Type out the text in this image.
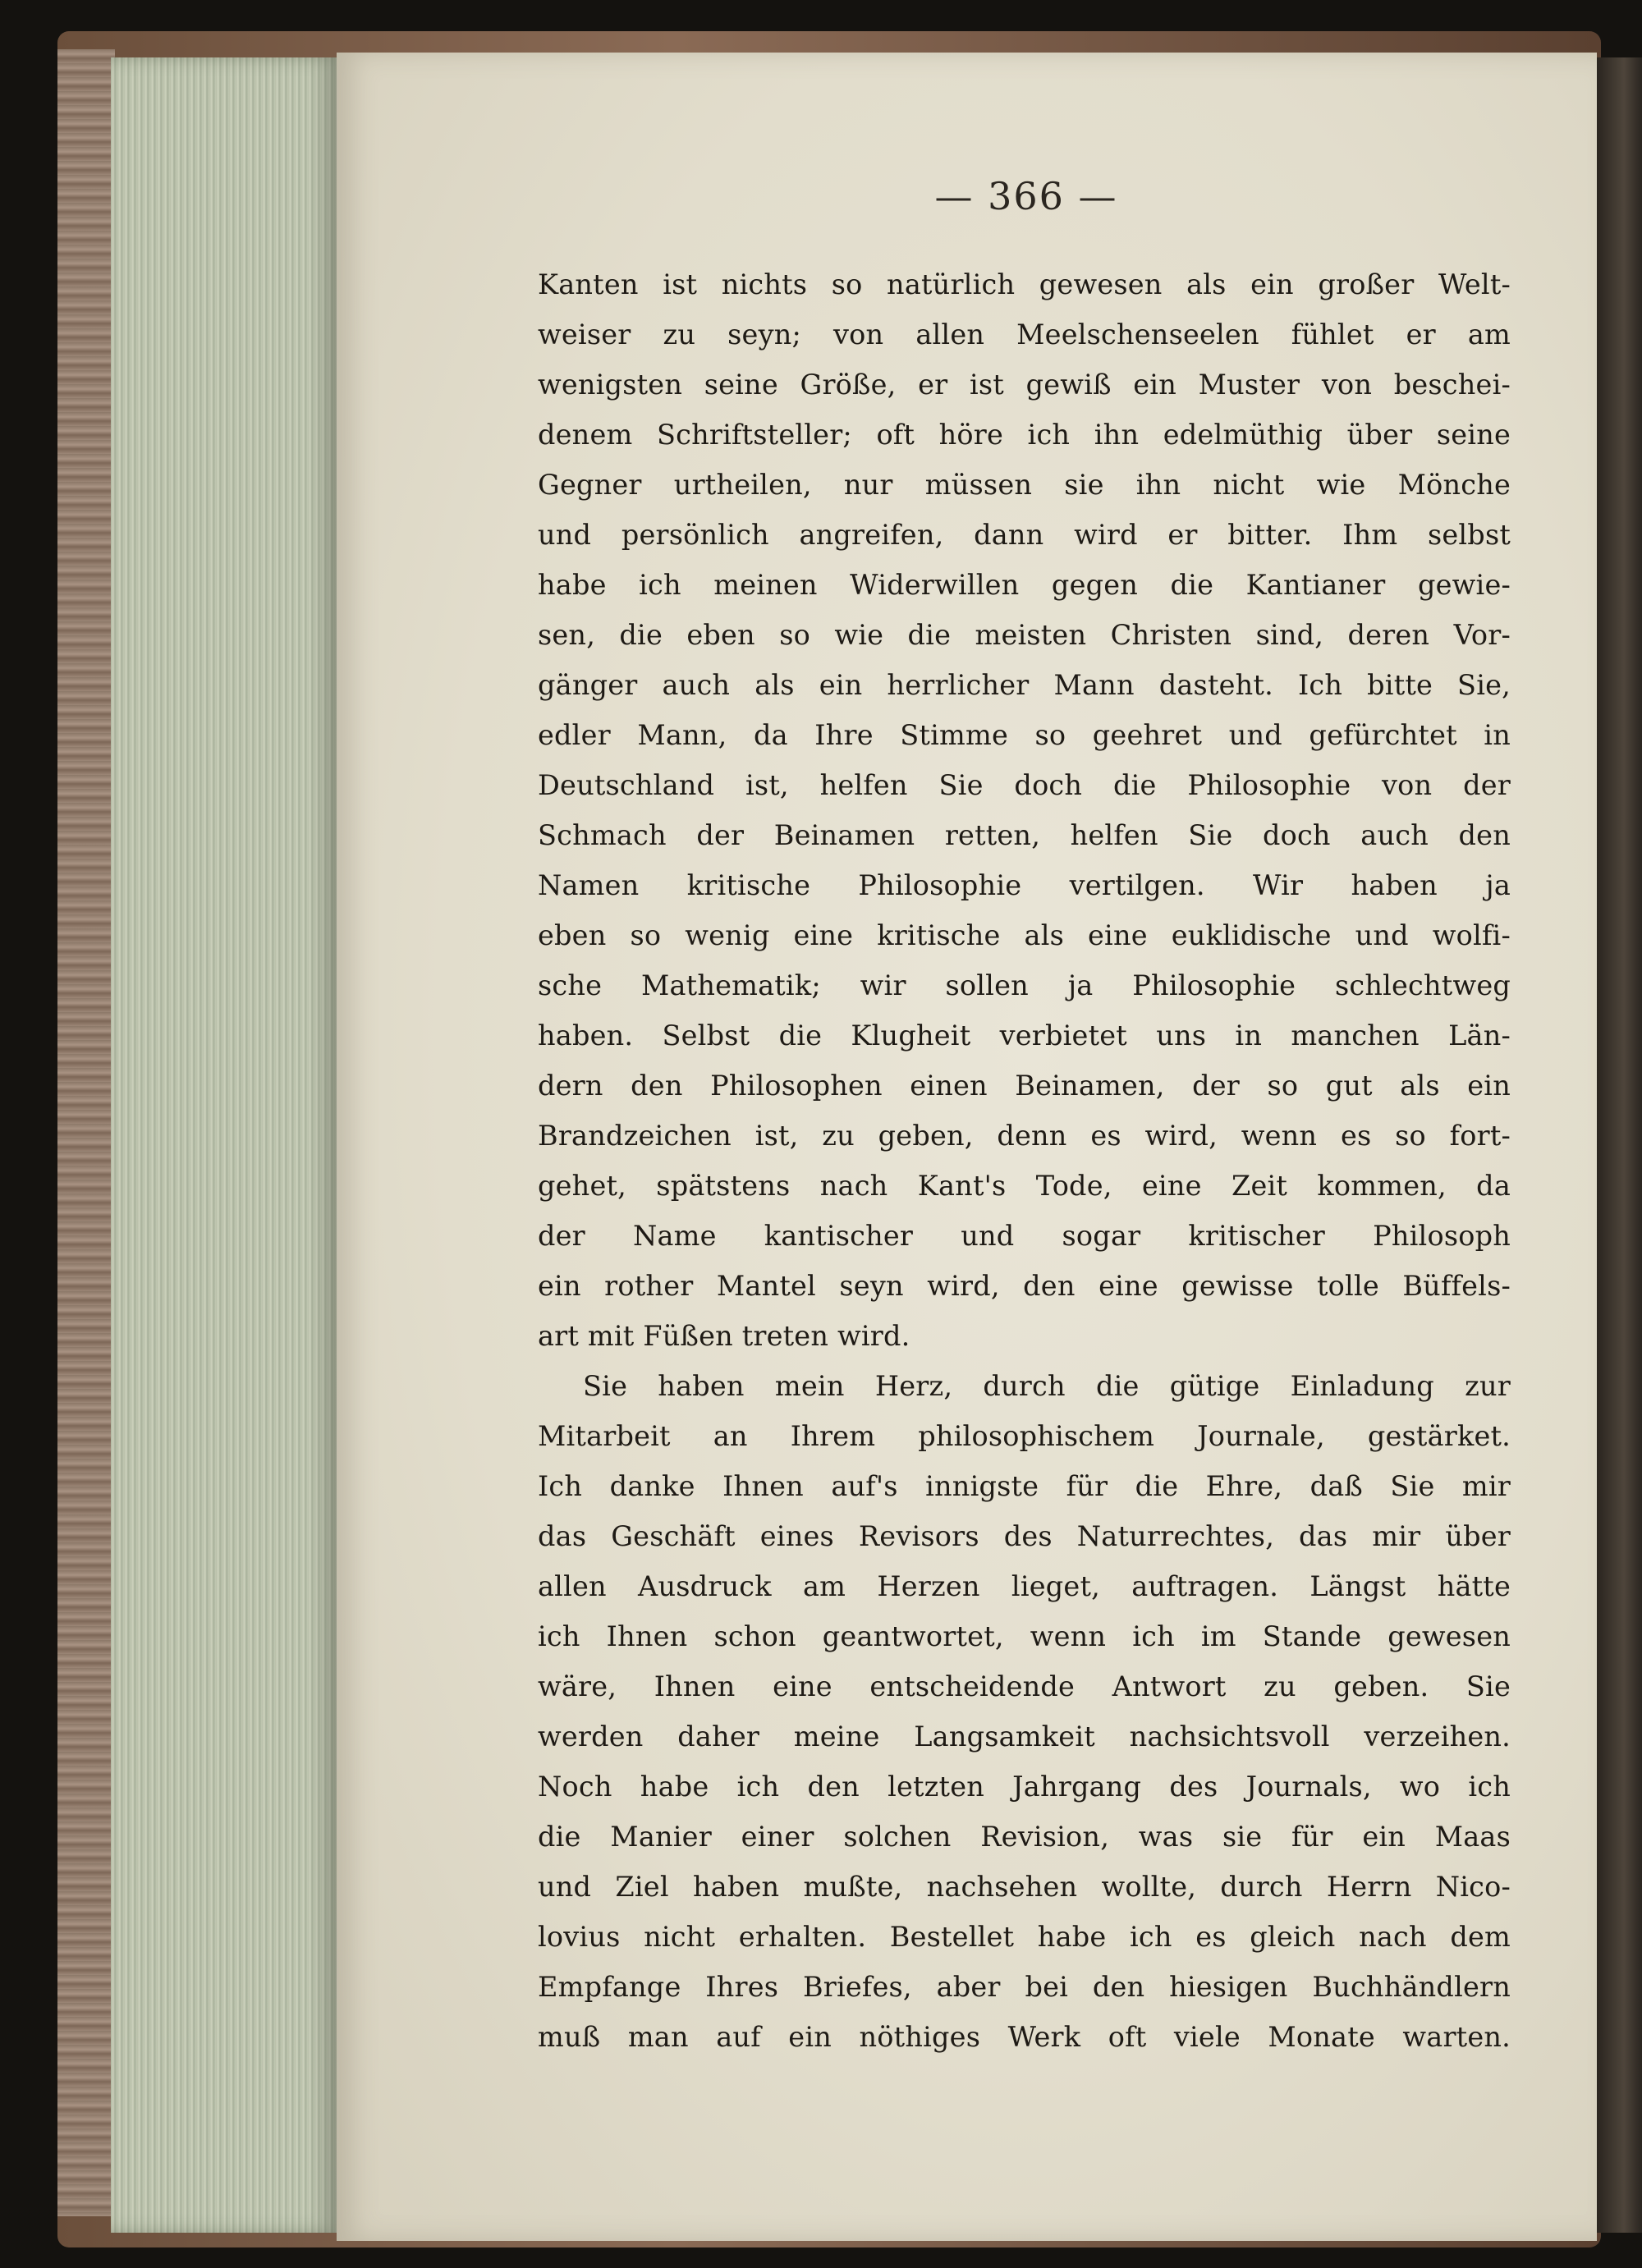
— 366 —
Kanten ist nichts so natürlich gewesen als ein großer Welt-
weiser zu seyn; von allen Meelschenseelen fühlet er am
wenigsten seine Größe, er ist gewiß ein Muster von beschei-
denem Schriftsteller; oft höre ich ihn edelmüthig über seine
Gegner urtheilen, nur müssen sie ihn nicht wie Mönche
und persönlich angreifen, dann wird er bitter. Ihm selbst
habe ich meinen Widerwillen gegen die Kantianer gewie-
sen, die eben so wie die meisten Christen sind, deren Vor-
gänger auch als ein herrlicher Mann dasteht. Ich bitte Sie,
edler Mann, da Ihre Stimme so geehret und gefürchtet in
Deutschland ist, helfen Sie doch die Philosophie von der
Schmach der Beinamen retten, helfen Sie doch auch den
Namen kritische Philosophie vertilgen. Wir haben ja
eben so wenig eine kritische als eine euklidische und wolfi-
sche Mathematik; wir sollen ja Philosophie schlechtweg
haben. Selbst die Klugheit verbietet uns in manchen Län-
dern den Philosophen einen Beinamen, der so gut als ein
Brandzeichen ist, zu geben, denn es wird, wenn es so fort-
gehet, spätstens nach Kant's Tode, eine Zeit kommen, da
der Name kantischer und sogar kritischer Philosoph
ein rother Mantel seyn wird, den eine gewisse tolle Büffels-
art mit Füßen treten wird.
Sie haben mein Herz, durch die gütige Einladung zur
Mitarbeit an Ihrem philosophischem Journale, gestärket.
Ich danke Ihnen auf's innigste für die Ehre, daß Sie mir
das Geschäft eines Revisors des Naturrechtes, das mir über
allen Ausdruck am Herzen lieget, auftragen. Längst hätte
ich Ihnen schon geantwortet, wenn ich im Stande gewesen
wäre, Ihnen eine entscheidende Antwort zu geben. Sie
werden daher meine Langsamkeit nachsichtsvoll verzeihen.
Noch habe ich den letzten Jahrgang des Journals, wo ich
die Manier einer solchen Revision, was sie für ein Maas
und Ziel haben mußte, nachsehen wollte, durch Herrn Nico-
lovius nicht erhalten. Bestellet habe ich es gleich nach dem
Empfange Ihres Briefes, aber bei den hiesigen Buchhändlern
muß man auf ein nöthiges Werk oft viele Monate warten.
